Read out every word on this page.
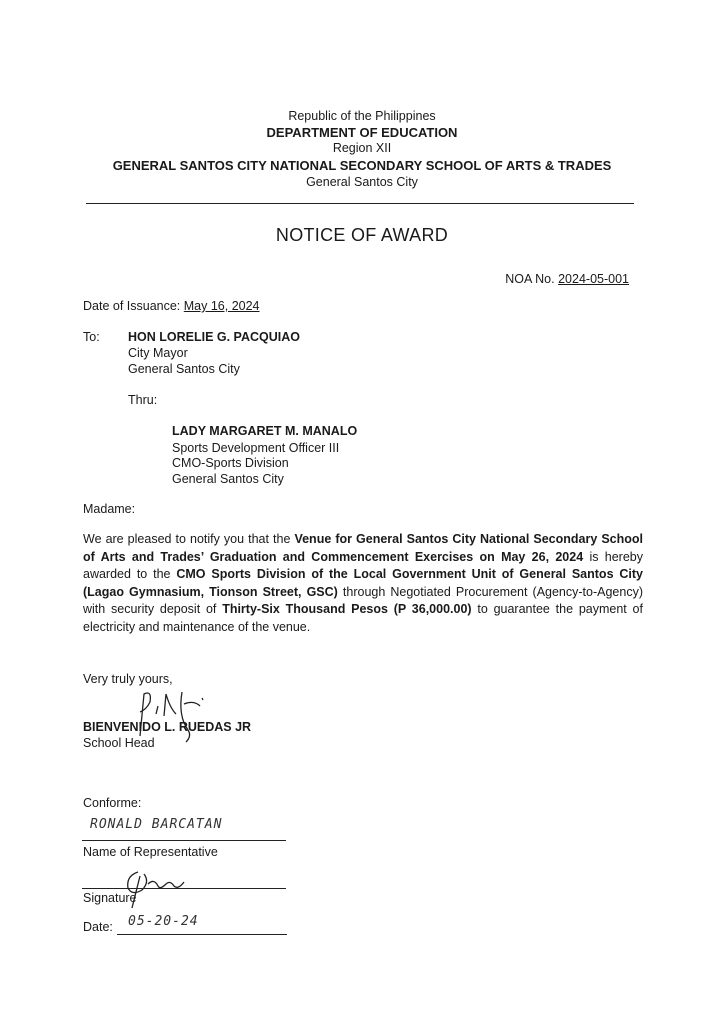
Republic of the Philippines
DEPARTMENT OF EDUCATION
Region XII
GENERAL SANTOS CITY NATIONAL SECONDARY SCHOOL OF ARTS & TRADES
General Santos City
NOTICE OF AWARD
NOA No. 2024-05-001
Date of Issuance: May 16, 2024
To: HON LORELIE G. PACQUIAO
City Mayor
General Santos City
Thru:
LADY MARGARET M. MANALO
Sports Development Officer III
CMO-Sports Division
General Santos City
Madame:
We are pleased to notify you that the Venue for General Santos City National Secondary School of Arts and Trades’ Graduation and Commencement Exercises on May 26, 2024 is hereby awarded to the CMO Sports Division of the Local Government Unit of General Santos City (Lagao Gymnasium, Tionson Street, GSC) through Negotiated Procurement (Agency-to-Agency) with security deposit of Thirty-Six Thousand Pesos (P 36,000.00) to guarantee the payment of electricity and maintenance of the venue.
Very truly yours,
BIENVENIDO L. RUEDAS JR
School Head
Conforme:
RONALD BARCATAN
Name of Representative
Signature
Date: 05-20-24
